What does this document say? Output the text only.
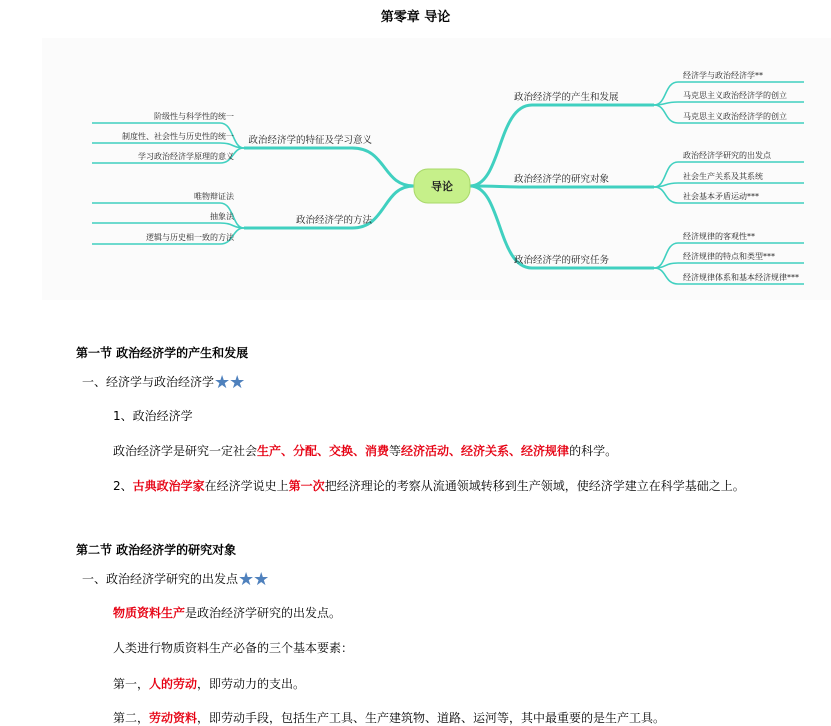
第零章 导论
政治经济学的产生和发展
经济学与政治经济学**
马克思主义政治经济学的创立
马克思主义政治经济学的创立
政治经济学的研究对象
政治经济学研究的出发点
社会生产关系及其系统
社会基本矛盾运动***
政治经济学的研究任务
经济规律的客观性**
经济规律的特点和类型***
经济规律体系和基本经济规律***
政治经济学的特征及学习意义
阶级性与科学性的统一
制度性、社会性与历史性的统一
学习政治经济学原理的意义
政治经济学的方法
唯物辩证法
抽象法
逻辑与历史相一致的方法
导论
第一节 政治经济学的产生和发展
一、经济学与政治经济学★★
1、政治经济学
政治经济学是研究一定社会生产、分配、交换、消费等经济活动、经济关系、经济规律的科学。
2、古典政治学家在经济学说史上第一次把经济理论的考察从流通领域转移到生产领域，使经济学建立在科学基础之上。
第二节 政治经济学的研究对象
一、政治经济学研究的出发点★★
物质资料生产是政治经济学研究的出发点。
人类进行物质资料生产必备的三个基本要素：
第一，人的劳动，即劳动力的支出。
第二，劳动资料，即劳动手段，包括生产工具、生产建筑物、道路、运河等，其中最重要的是生产工具。
